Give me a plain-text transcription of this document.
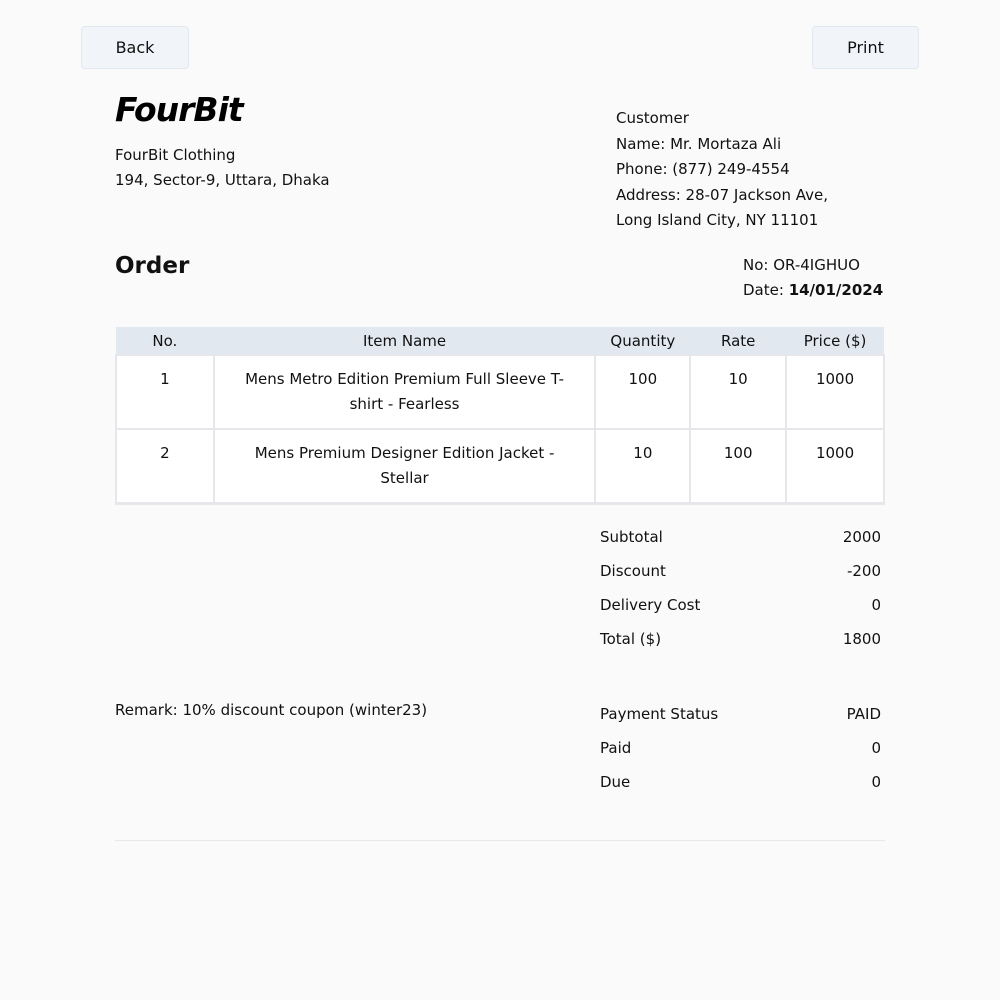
Back	Print
FourBit
FourBit Clothing
194, Sector-9, Uttara, Dhaka
Customer
Name: Mr. Mortaza Ali
Phone: (877) 249-4554
Address: 28-07 Jackson Ave,
Long Island City, NY 11101
Order	No: OR-4IGHUO
Date: 14/01/2024
No.	Item Name	Quantity	Rate	Price ($)
1	Mens Metro Edition Premium Full Sleeve T-shirt - Fearless	100	10	1000
2	Mens Premium Designer Edition Jacket - Stellar	10	100	1000
Subtotal	2000
Discount	-200
Delivery Cost	0
Total ($)	1800
Remark: 10% discount coupon (winter23)	Payment Status	PAID
Paid	0
Due	0
